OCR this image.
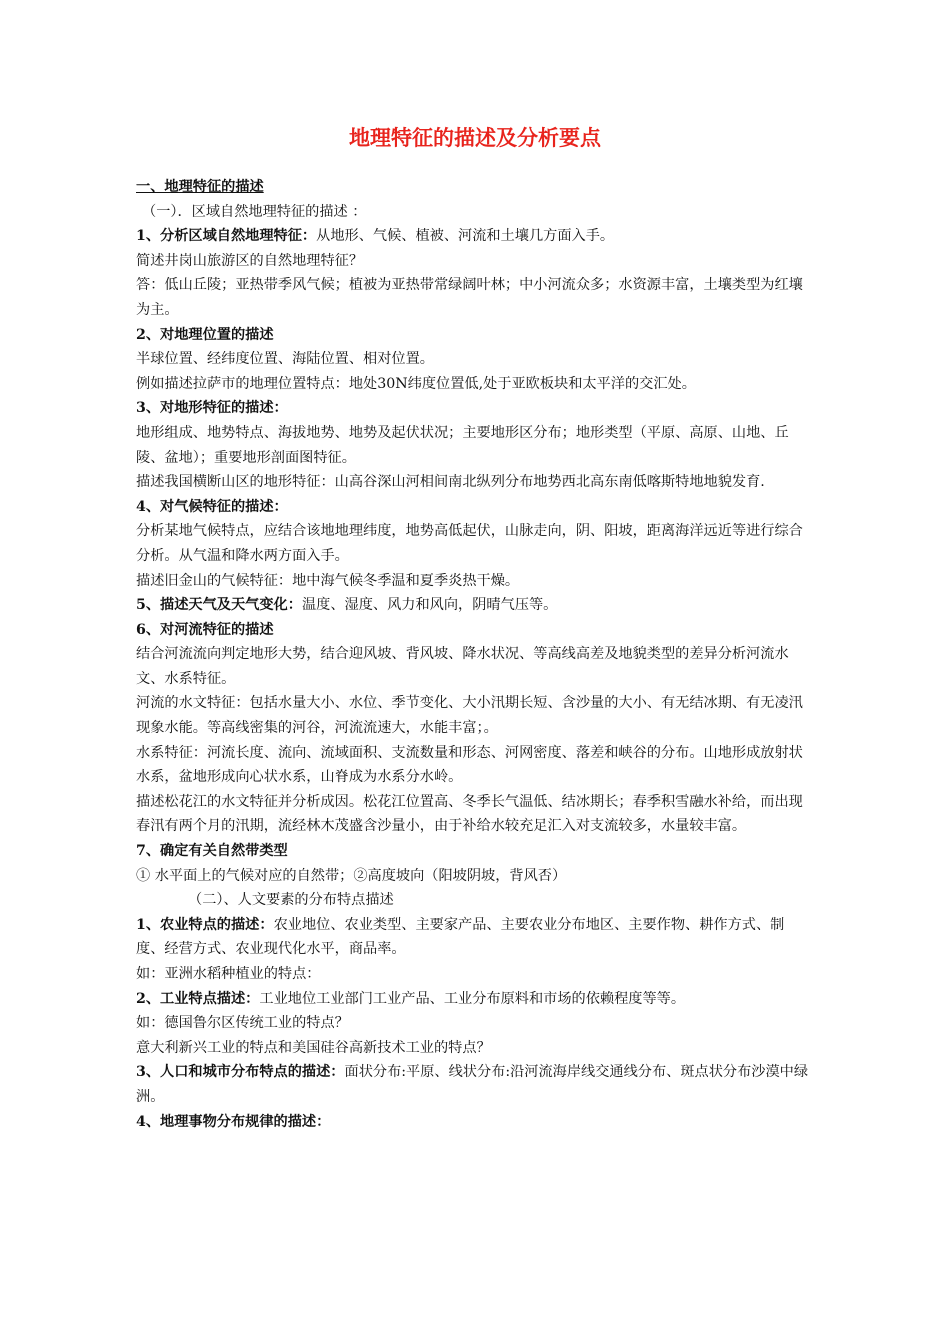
地理特征的描述及分析要点

一、地理特征的描述

（一）．区域自然地理特征的描述 ：

1、分析区域自然地理特征：从地形、气候、植被、河流和土壤几方面入手。

简述井岗山旅游区的自然地理特征？

答：低山丘陵；亚热带季风气候；植被为亚热带常绿阔叶林；中小河流众多；水资源丰富，土壤类型为红壤为主。

2、对地理位置的描述

半球位置、经纬度位置、海陆位置、相对位置。

例如描述拉萨市的地理位置特点：地处30N纬度位置低,处于亚欧板块和太平洋的交汇处。

3、对地形特征的描述：

地形组成、地势特点、海拔地势、地势及起伏状况；主要地形区分布；地形类型（平原、高原、山地、丘陵、盆地）；重要地形剖面图特征。

描述我国横断山区的地形特征：山高谷深山河相间南北纵列分布地势西北高东南低喀斯特地地貌发育.

4、对气候特征的描述：

分析某地气候特点，应结合该地地理纬度，地势高低起伏，山脉走向，阴、阳坡，距离海洋远近等进行综合分析。从气温和降水两方面入手。

描述旧金山的气候特征：地中海气候冬季温和夏季炎热干燥。

5、描述天气及天气变化：温度、湿度、风力和风向，阴晴气压等。

6、对河流特征的描述

结合河流流向判定地形大势，结合迎风坡、背风坡、降水状况、等高线高差及地貌类型的差异分析河流水文、水系特征。

河流的水文特征：包括水量大小、水位、季节变化、大小汛期长短、含沙量的大小、有无结冰期、有无凌汛现象水能。等高线密集的河谷，河流流速大，水能丰富；。

水系特征：河流长度、流向、流域面积、支流数量和形态、河网密度、落差和峡谷的分布。山地形成放射状水系，盆地形成向心状水系，山脊成为水系分水岭。

描述松花江的水文特征并分析成因。松花江位置高、冬季长气温低、结冰期长；春季积雪融水补给，而出现春汛有两个月的汛期，流经林木茂盛含沙量小，由于补给水较充足汇入对支流较多，水量较丰富。

7、确定有关自然带类型

① 水平面上的气候对应的自然带；②高度坡向（阳坡阴坡，背风否）

（二）、人文要素的分布特点描述

1、农业特点的描述：农业地位、农业类型、主要家产品、主要农业分布地区、主要作物、耕作方式、制度、经营方式、农业现代化水平，商品率。

如：亚洲水稻种植业的特点：

2、工业特点描述：工业地位工业部门工业产品、工业分布原料和市场的依赖程度等等。

如：德国鲁尔区传统工业的特点？

意大利新兴工业的特点和美国硅谷高新技术工业的特点？

3、人口和城市分布特点的描述：面状分布:平原、线状分布:沿河流海岸线交通线分布、斑点状分布沙漠中绿洲。

4、地理事物分布规律的描述：
